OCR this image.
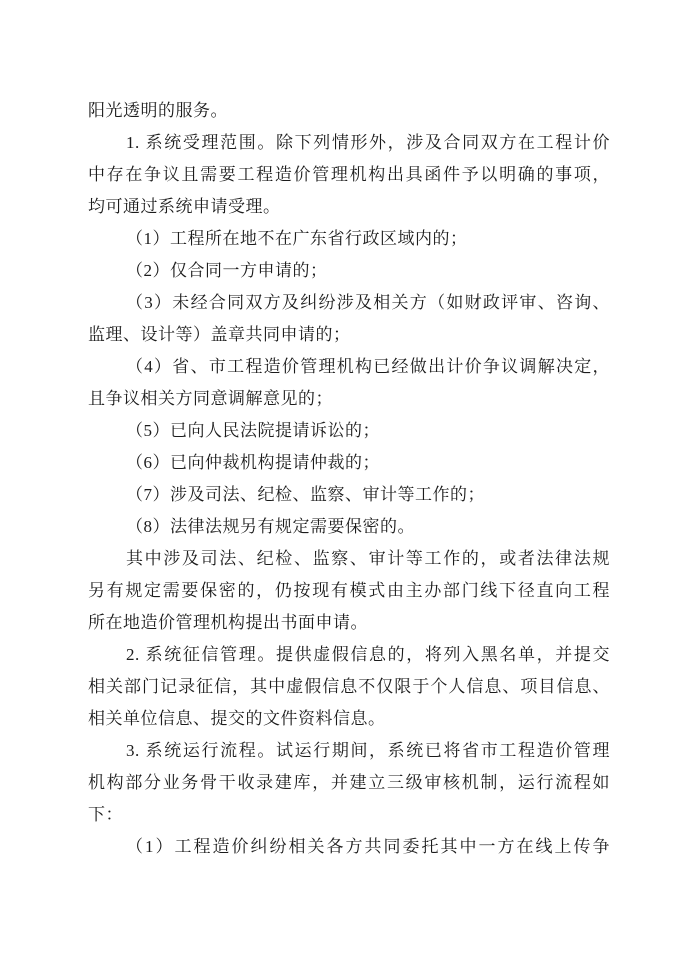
阳光透明的服务。
1. 系统受理范围。除下列情形外，涉及合同双方在工程计价
中存在争议且需要工程造价管理机构出具函件予以明确的事项，
均可通过系统申请受理。
（1）工程所在地不在广东省行政区域内的；
（2）仅合同一方申请的；
（3）未经合同双方及纠纷涉及相关方（如财政评审、咨询、
监理、设计等）盖章共同申请的；
（4）省、市工程造价管理机构已经做出计价争议调解决定，
且争议相关方同意调解意见的；
（5）已向人民法院提请诉讼的；
（6）已向仲裁机构提请仲裁的；
（7）涉及司法、纪检、监察、审计等工作的；
（8）法律法规另有规定需要保密的。
其中涉及司法、纪检、监察、审计等工作的，或者法律法规
另有规定需要保密的，仍按现有模式由主办部门线下径直向工程
所在地造价管理机构提出书面申请。
2. 系统征信管理。提供虚假信息的，将列入黑名单，并提交
相关部门记录征信，其中虚假信息不仅限于个人信息、项目信息、
相关单位信息、提交的文件资料信息。
3. 系统运行流程。试运行期间，系统已将省市工程造价管理
机构部分业务骨干收录建库，并建立三级审核机制，运行流程如
下：
（1）工程造价纠纷相关各方共同委托其中一方在线上传争
